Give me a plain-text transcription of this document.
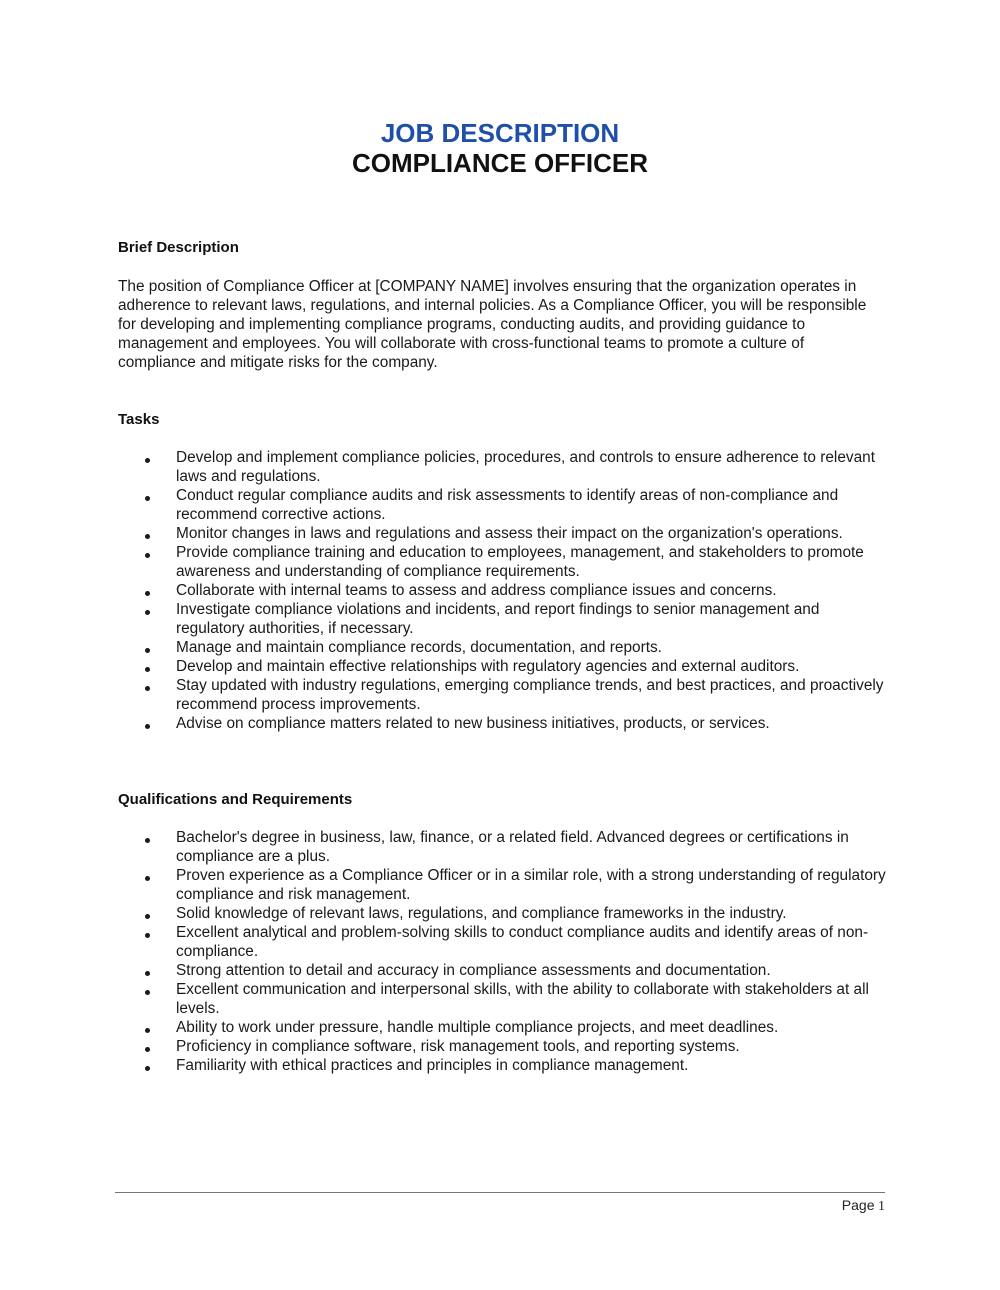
JOB DESCRIPTION
COMPLIANCE OFFICER
Brief Description
The position of Compliance Officer at [COMPANY NAME] involves ensuring that the organization operates in adherence to relevant laws, regulations, and internal policies. As a Compliance Officer, you will be responsible for developing and implementing compliance programs, conducting audits, and providing guidance to management and employees. You will collaborate with cross-functional teams to promote a culture of compliance and mitigate risks for the company.
Tasks
Develop and implement compliance policies, procedures, and controls to ensure adherence to relevant laws and regulations.
Conduct regular compliance audits and risk assessments to identify areas of non-compliance and recommend corrective actions.
Monitor changes in laws and regulations and assess their impact on the organization's operations.
Provide compliance training and education to employees, management, and stakeholders to promote awareness and understanding of compliance requirements.
Collaborate with internal teams to assess and address compliance issues and concerns.
Investigate compliance violations and incidents, and report findings to senior management and regulatory authorities, if necessary.
Manage and maintain compliance records, documentation, and reports.
Develop and maintain effective relationships with regulatory agencies and external auditors.
Stay updated with industry regulations, emerging compliance trends, and best practices, and proactively recommend process improvements.
Advise on compliance matters related to new business initiatives, products, or services.
Qualifications and Requirements
Bachelor's degree in business, law, finance, or a related field. Advanced degrees or certifications in compliance are a plus.
Proven experience as a Compliance Officer or in a similar role, with a strong understanding of regulatory compliance and risk management.
Solid knowledge of relevant laws, regulations, and compliance frameworks in the industry.
Excellent analytical and problem-solving skills to conduct compliance audits and identify areas of non-compliance.
Strong attention to detail and accuracy in compliance assessments and documentation.
Excellent communication and interpersonal skills, with the ability to collaborate with stakeholders at all levels.
Ability to work under pressure, handle multiple compliance projects, and meet deadlines.
Proficiency in compliance software, risk management tools, and reporting systems.
Familiarity with ethical practices and principles in compliance management.
Page 1
